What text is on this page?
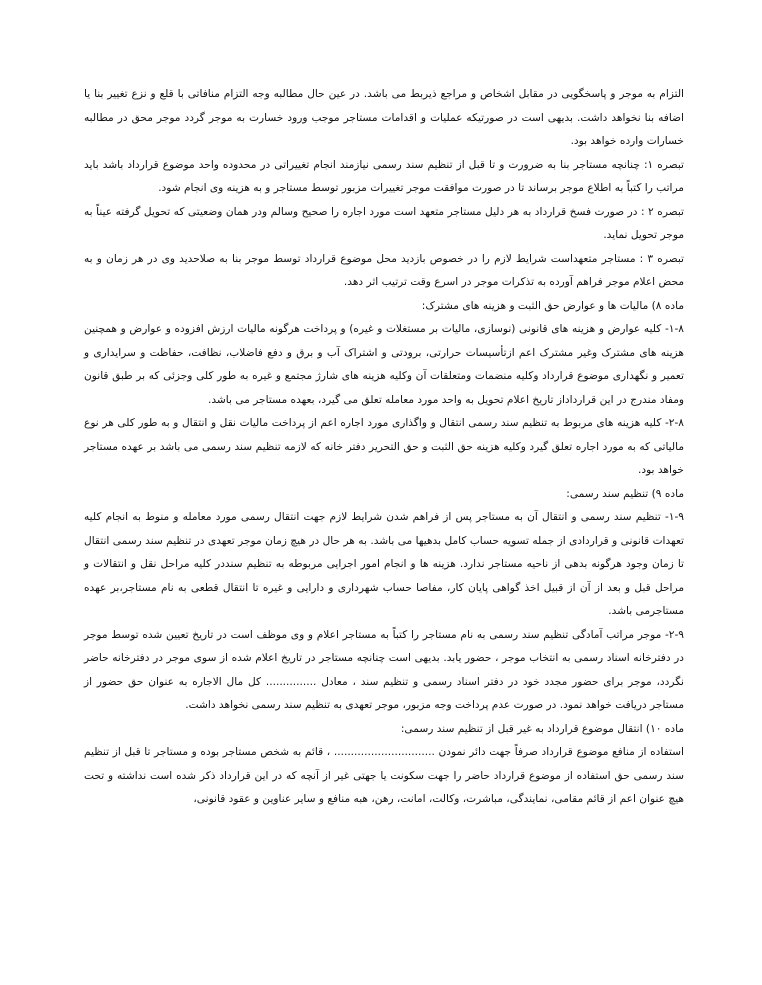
التزام به موجر و پاسخگویی در مقابل اشخاص و مراجع ذیربط می باشد. در عین حال مطالبه وجه التزام منافاتی با قلع و نزع تغییر بنا یا اضافه بنا نخواهد داشت. بدیهی است در صورتیکه عملیات و اقدامات مستاجر موجب ورود خسارت به موجر گردد موجر محق در مطالبه خسارات وارده خواهد بود.

تبصره ۱: چنانچه مستاجر بنا به ضرورت و تا قبل از تنظیم سند رسمی نیازمند انجام تغییراتی در محدوده واحد موضوع قرارداد باشد باید مراتب را کتباً به اطلاع موجر برساند تا در صورت موافقت موجر تغییرات مزبور توسط مستاجر و به هزینه وی انجام شود.

تبصره ۲ : در صورت فسخ قرارداد به هر دلیل مستاجر متعهد است مورد اجاره را صحیح وسالم ودر همان وضعیتی که تحویل گرفته عیناً به موجر تحویل نماید.

تبصره ۳ : مستاجر متعهداست شرایط لازم را در خصوص بازدید محل موضوع قرارداد توسط موجر بنا به صلاحدید وی در هر زمان و به محض اعلام موجر فراهم آورده به تذکرات موجر در اسرع وقت ترتیب اثر دهد.

ماده ۸) مالیات ها و عوارض حق الثبت و هزینه های مشترک:

۱-۸- کلیه عوارض و هزینه های قانونی (نوسازی، مالیات بر مستغلات و غیره) و پرداخت هرگونه مالیات ارزش افزوده و عوارض و همچنین هزینه های مشترک وغیر مشترک اعم ازتأسیسات حرارتی، برودتی و اشتراک آب و برق و دفع فاضلاب، نظافت، حفاظت و سرایداری و تعمیر و نگهداری موضوع قرارداد وکلیه منضمات ومتعلقات آن وکلیه هزینه های شارژ مجتمع و غیره به طور کلی وجزئی که بر طبق قانون ومفاد مندرج در این قرارداداز تاریخ اعلام تحویل به واحد مورد معامله تعلق می گیرد، بعهده مستاجر می باشد.

۲-۸- کلیه هزینه های مربوط به تنظیم سند رسمی انتقال و واگذاری مورد اجاره اعم از پرداخت مالیات نقل و انتقال و به طور کلی هر نوع مالیاتی که به مورد اجاره تعلق گیرد وکلیه هزینه حق الثبت و حق التحریر دفتر خانه که لازمه تنظیم سند رسمی می باشد بر عهده مستاجر خواهد بود.

ماده ۹) تنظیم سند رسمی:

۱-۹- تنظیم سند رسمی و انتقال آن به مستاجر پس از فراهم شدن شرایط لازم جهت انتقال رسمی مورد معامله و منوط به انجام کلیه تعهدات قانونی و قراردادی از جمله تسویه حساب کامل بدهیها می باشد. به هر حال در هیچ زمان موجر تعهدی در تنظیم سند رسمی انتقال تا زمان وجود هرگونه بدهی از ناحیه مستاجر ندارد. هزینه ها و انجام امور اجرایی مربوطه به تنظیم سنددر کلیه مراحل نقل و انتقالات و مراحل قبل و بعد از آن از قبیل اخذ گواهی پایان کار، مفاصا حساب شهرداری و دارایی و غیره تا انتقال قطعی به نام مستاجر،بر عهده مستاجرمی باشد.

۲-۹- موجر مراتب آمادگی تنظیم سند رسمی به نام مستاجر را کتباً به مستاجر اعلام و وی موظف است در تاریخ تعیین شده توسط موجر در دفترخانه اسناد رسمی به انتخاب موجر ، حضور یابد. بدیهی است چنانچه مستاجر در تاریخ اعلام شده از سوی موجر در دفترخانه حاضر نگردد، موجر برای حضور مجدد خود در دفتر اسناد رسمی و تنظیم سند ، معادل ............... کل مال الاجاره به عنوان حق حضور از مستاجر دریافت خواهد نمود. در صورت عدم پرداخت وجه مزبور، موجر تعهدی به تنظیم سند رسمی نخواهد داشت.

ماده ۱۰) انتقال موضوع قرارداد به غیر قبل از تنظیم سند رسمی:

استفاده از منافع موضوع قرارداد صرفاً جهت دائر نمودن .............................. ، قائم به شخص مستاجر بوده و مستاجر تا قبل از تنظیم سند رسمی حق استفاده از موضوع قرارداد حاضر را جهت سکونت یا جهتی غیر از آنچه که در این قرارداد ذکر شده است نداشته و تحت هیچ عنوان اعم از قائم مقامی، نمایندگی، مباشرت، وکالت، امانت، رهن، هبه منافع و سایر عناوین و عقود قانونی،
